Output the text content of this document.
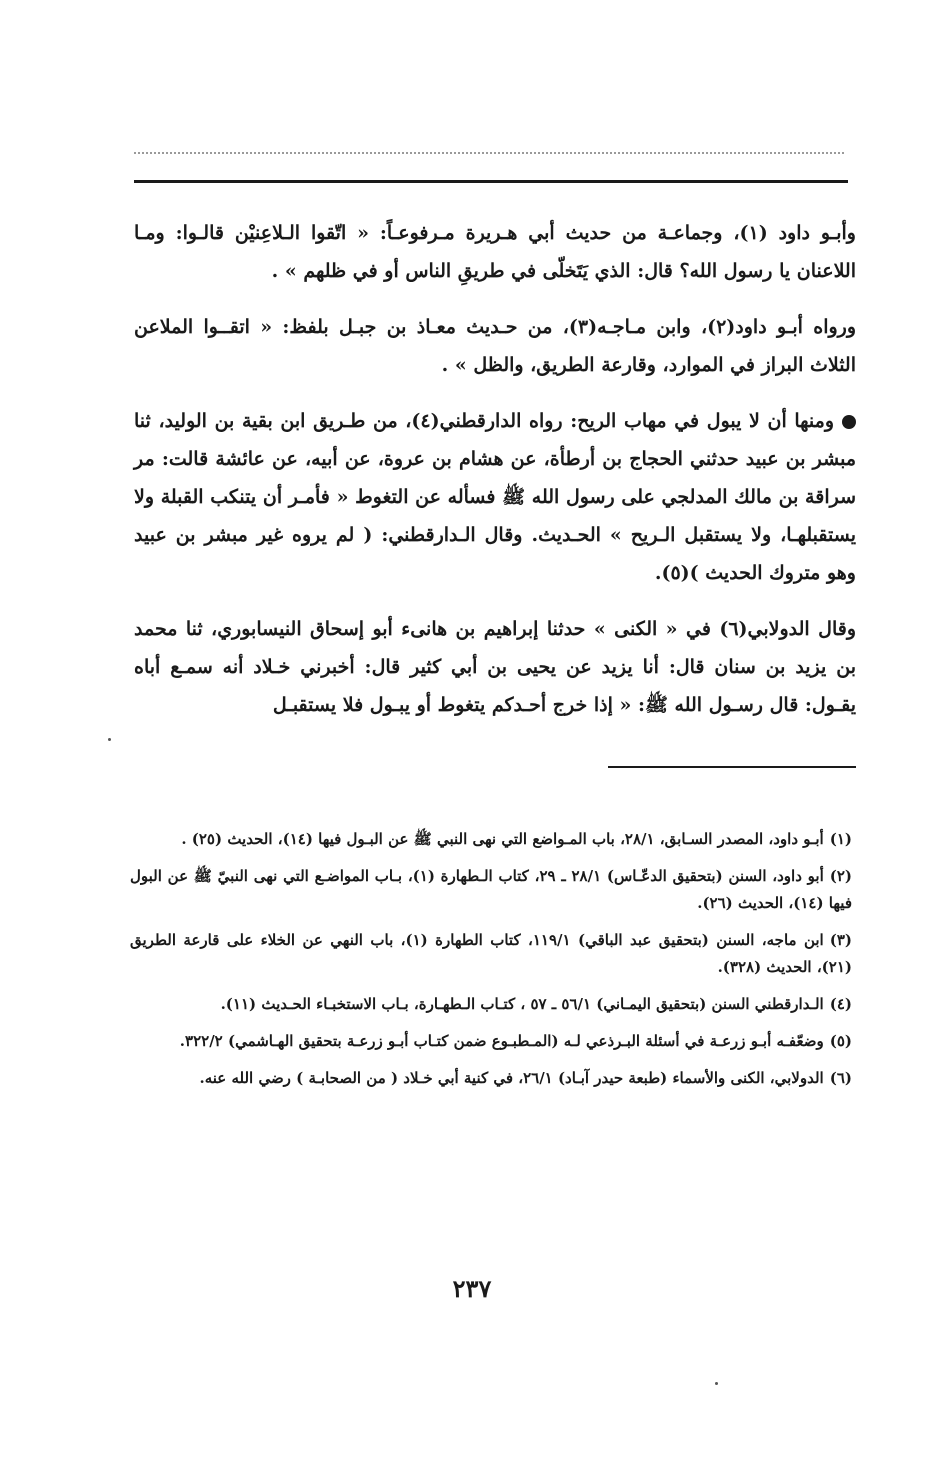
وأبـو داود (١)، وجماعـة من حديث أبي هـريرة مـرفوعـاً: « اتّقوا الـلاعِنيْن قالـوا: ومـا اللاعنان يا رسول الله؟ قال: الذي يَتَخلّى في طريقِ الناس أو في ظلهم » .

ورواه أبـو داود(٢)، وابن مـاجـه(٣)، من حـديث معـاذ بن جبـل بلفظ: « اتقــوا الملاعن الثلاث البراز في الموارد، وقارعة الطريق، والظل » .

ومنها أن لا يبول في مهاب الريح: رواه الدارقطني(٤)، من طـريق ابن بقية بن الوليد، ثنا مبشر بن عبيد حدثني الحجاج بن أرطأة، عن هشام بن عروة، عن أبيه، عن عائشة قالت: مر سراقة بن مالك المدلجي على رسول الله ﷺ فسأله عن التغوط « فأمـر أن يتنكب القبلة ولا يستقبلهـا، ولا يستقبل الـريح » الحـديث. وقال الـدارقطني: ( لم يروه غير مبشر بن عبيد وهو متروك الحديث )(٥).

وقال الدولابي(٦) في « الكنى » حدثنا إبراهيم بن هانىء أبو إسحاق النيسابوري، ثنا محمد بن يزيد بن سنان قال: أنا يزيد عن يحيى بن أبي كثير قال: أخبرني خـلاد أنه سمـع أباه يقـول: قال رسـول الله ﷺ: « إذا خرج أحـدكم يتغوط أو يبـول فلا يستقبـل

(١)أبـو داود، المصدر السـابق، ٢٨/١، باب المـواضع التي نهى النبي ﷺ عن البـول فيها (١٤)، الحديث (٢٥) .

(٢)أبو داود، السنن (بتحقيق الدعّـاس) ٢٨/١ ـ ٢٩، كتاب الـطهارة (١)، بـاب المواضـع التي نهى النبيّ ﷺ عن البول فيها (١٤)، الحديث (٢٦).

(٣)ابن ماجه، السنن (بتحقيق عبد الباقي) ١١٩/١، كتاب الطهارة (١)، باب النهي عن الخلاء على قارعة الطريق (٢١)، الحديث (٣٢٨).

(٤)الـدارقطني السنن (بتحقيق اليمـاني) ٥٦/١ ـ ٥٧ ، كتـاب الـطهـارة، بـاب الاستخبـاء الحـديث (١١).

(٥)وضعّفـه أبـو زرعـة في أسئلة البـرذعي لـه (المـطبـوع ضمن كتـاب أبـو زرعـة بتحقيق الهـاشمي) ٣٢٢/٢.

(٦)الدولابي، الكنى والأسماء (طبعة حيدر آبـاد) ٢٦/١، في كنية أبي خـلاد ( من الصحابـة ) رضي الله عنه.

٢٣٧
